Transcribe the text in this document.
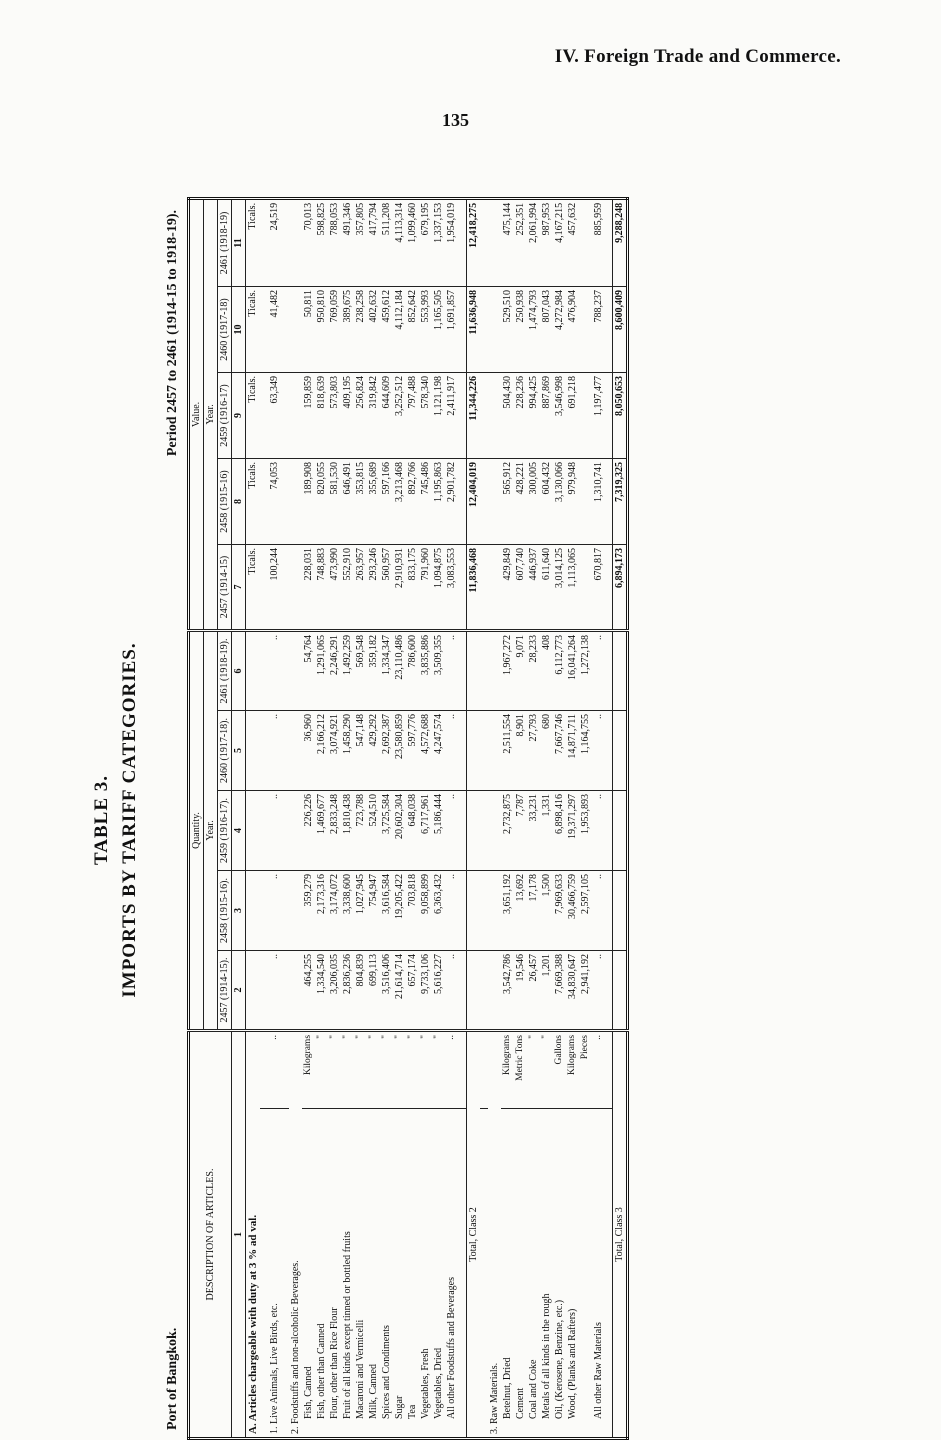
IV. Foreign Trade and Commerce.
135
TABLE 3. IMPORTS BY TARIFF CATEGORIES.
Port of Bangkok.
Period 2457 to 2461 (1914-15 to 1918-19).
DESCRIPTION OF ARTICLES.		Quantity.					Value.				
		Year.					Year.				
		2457 (1914-15).	2458 (1915-16).	2459 (1916-17).	2460 (1917-18).	2461 (1918-19).	2457 (1914-15)	2458 (1915-16)	2459 (1916-17)	2460 (1917-18)	2461 (1918-19)
1		2	3	4	5	6	7	8	9	10	11
A. Articles chargeable with duty at 3 % ad val.							Ticals.	Ticals.	Ticals.	Ticals.	Ticals.

1. Live Animals, Live Birds, etc.	..	..	..	..	..	..	100,244	74,053	63,349	41,482	24,519

2. Foodstuffs and non-alcoholic Beverages.											
Fish, Canned	Kilograms	464,255	359,279	226,226	36,960	54,764	228,031	189,908	159,859	50,811	70,013
Fish, other than Canned	"	1,334,540	2,173,316	1,469,677	2,166,212	1,291,065	748,883	820,055	818,639	950,810	598,825
Flour, other than Rice Flour	"	3,206,035	3,174,072	2,833,248	3,074,921	2,246,291	473,990	581,530	573,803	769,059	788,053
Fruit of all kinds except tinned or bottled fruits	"	2,836,236	3,338,600	1,810,438	1,458,290	1,492,259	552,910	646,491	409,195	389,675	491,346
Macaroni and Vermicelli	"	804,839	1,027,945	723,788	547,148	569,548	263,957	353,815	256,824	238,258	357,805
Milk, Canned	"	699,113	754,947	524,510	429,292	359,182	293,246	355,689	319,842	402,632	417,794
Spices and Condiments	"	3,516,406	3,616,584	3,725,584	2,692,387	1,334,347	560,957	597,166	644,609	459,612	511,208
Sugar	"	21,614,714	19,205,422	20,602,304	23,580,859	23,110,486	2,910,931	3,213,468	3,252,512	4,112,184	4,113,314
Tea	"	657,174	703,818	648,038	597,776	786,600	833,175	892,766	797,488	852,642	1,099,460
Vegetables, Fresh	"	9,733,106	9,058,899	6,717,961	4,572,688	3,835,886	791,960	745,486	578,340	553,993	679,195
Vegetables, Dried	"	5,616,227	6,363,432	5,186,444	4,247,574	3,509,355	1,094,875	1,195,863	1,121,198	1,165,505	1,337,153
All other Foodstuffs and Beverages	..	..	..	..	..	..	3,083,553	2,901,782	2,411,917	1,691,857	1,954,019

Total, Class 2							11,836,468	12,404,019	11,344,226	11,636,948	12,418,275

3. Raw Materials.											
Betelnut, Dried	Kilograms	3,542,786	3,651,192	2,732,875	2,511,554	1,967,272	429,849	565,912	504,430	529,510	475,144
Cement	Metric Tons	19,546	13,692	7,787	8,901	9,071	607,740	428,221	228,236	250,938	252,351
Coal and Coke	"	26,457	17,178	33,231	27,793	28,233	446,937	300,005	994,425	1,474,793	2,061,994
Metals of all kinds in the rough	"	1,201	1,500	1,331	680	408	611,640	604,432	887,869	807,043	987,953
Oil, (Kerosene, Benzine, etc.)	Gallons	7,669,388	7,969,633	6,898,416	7,667,746	6,112,773	3,014,125	3,130,066	3,546,998	4,272,984	4,167,215
Wood, (Planks and Rafters)	Kilograms	34,830,647	30,466,759	19,371,297	14,871,711	16,041,264	1,113,065	979,948	691,218	476,904	457,632
	Pieces	2,941,192	2,597,105	1,953,893	1,164,755	1,272,138					
All other Raw Materials	..	..	..	..	..	..	670,817	1,310,741	1,197,477	788,237	885,959

Total, Class 3							6,894,173	7,319,325	8,050,653	8,600,409	9,288,248
